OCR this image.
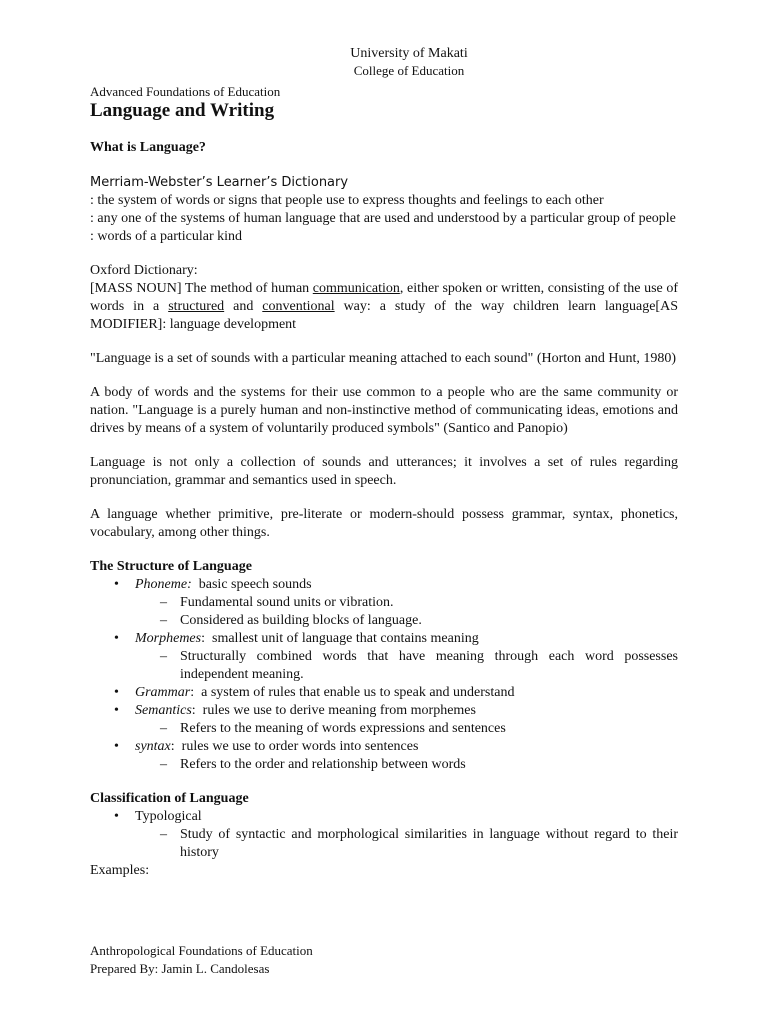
University of Makati
College of Education
Advanced Foundations of Education
Language and Writing
What is Language?
Merriam-Webster’s Learner’s Dictionary
: the system of words or signs that people use to express thoughts and feelings to each other
: any one of the systems of human language that are used and understood by a particular group of people
: words of a particular kind
Oxford Dictionary:
[MASS NOUN] The method of human communication, either spoken or written, consisting of the use of words in a structured and conventional way: a study of the way children learn language[AS MODIFIER]: language development
"Language is a set of sounds with a particular meaning attached to each sound" (Horton and Hunt, 1980)
A body of words and the systems for their use common to a people who are the same community or nation. "Language is a purely human and non-instinctive method of communicating ideas, emotions and drives by means of a system of voluntarily produced symbols" (Santico and Panopio)
Language is not only a collection of sounds and utterances; it involves a set of rules regarding pronunciation, grammar and semantics used in speech.
A language whether primitive, pre-literate or modern-should possess grammar, syntax, phonetics, vocabulary, among other things.
The Structure of Language
• Phoneme:  basic speech sounds
– Fundamental sound units or vibration.
– Considered as building blocks of language.
• Morphemes:  smallest unit of language that contains meaning
– Structurally combined words that have meaning through each word possesses independent meaning.
• Grammar:  a system of rules that enable us to speak and understand
• Semantics:  rules we use to derive meaning from morphemes
– Refers to the meaning of words expressions and sentences
• syntax:  rules we use to order words into sentences
– Refers to the order and relationship between words
Classification of Language
• Typological
– Study of syntactic and morphological similarities in language without regard to their history
Examples:
Anthropological Foundations of Education
Prepared By: Jamin L. Candolesas
